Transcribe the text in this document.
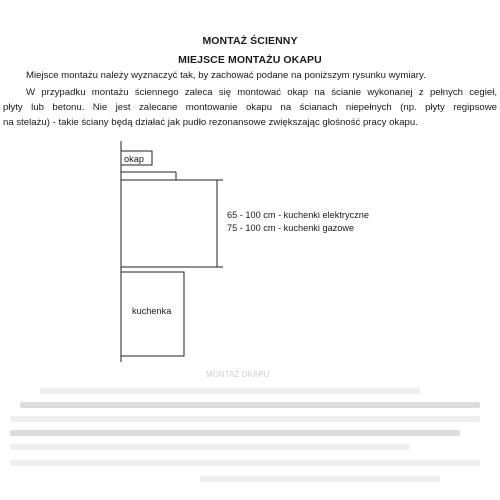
MONTAŻ ŚCIENNY
MIEJSCE MONTAŻU OKAPU
Miejsce montażu należy wyznaczyć tak, by zachować podane na poniższym rysunku wymiary.
W przypadku montażu ściennego zaleca się montować okap na ścianie wykonanej z pełnych cegieł,
płyty lub betonu. Nie jest zalecane montowanie okapu na ścianach niepełnych (np. płyty regipsowe
na stelażu) - takie ściany będą działać jak pudło rezonansowe zwiększając głośność pracy okapu.
okap
kuchenka
65 - 100 cm - kuchenki elektryczne
75 - 100 cm - kuchenki gazowe
MONTAŻ OKAPU
